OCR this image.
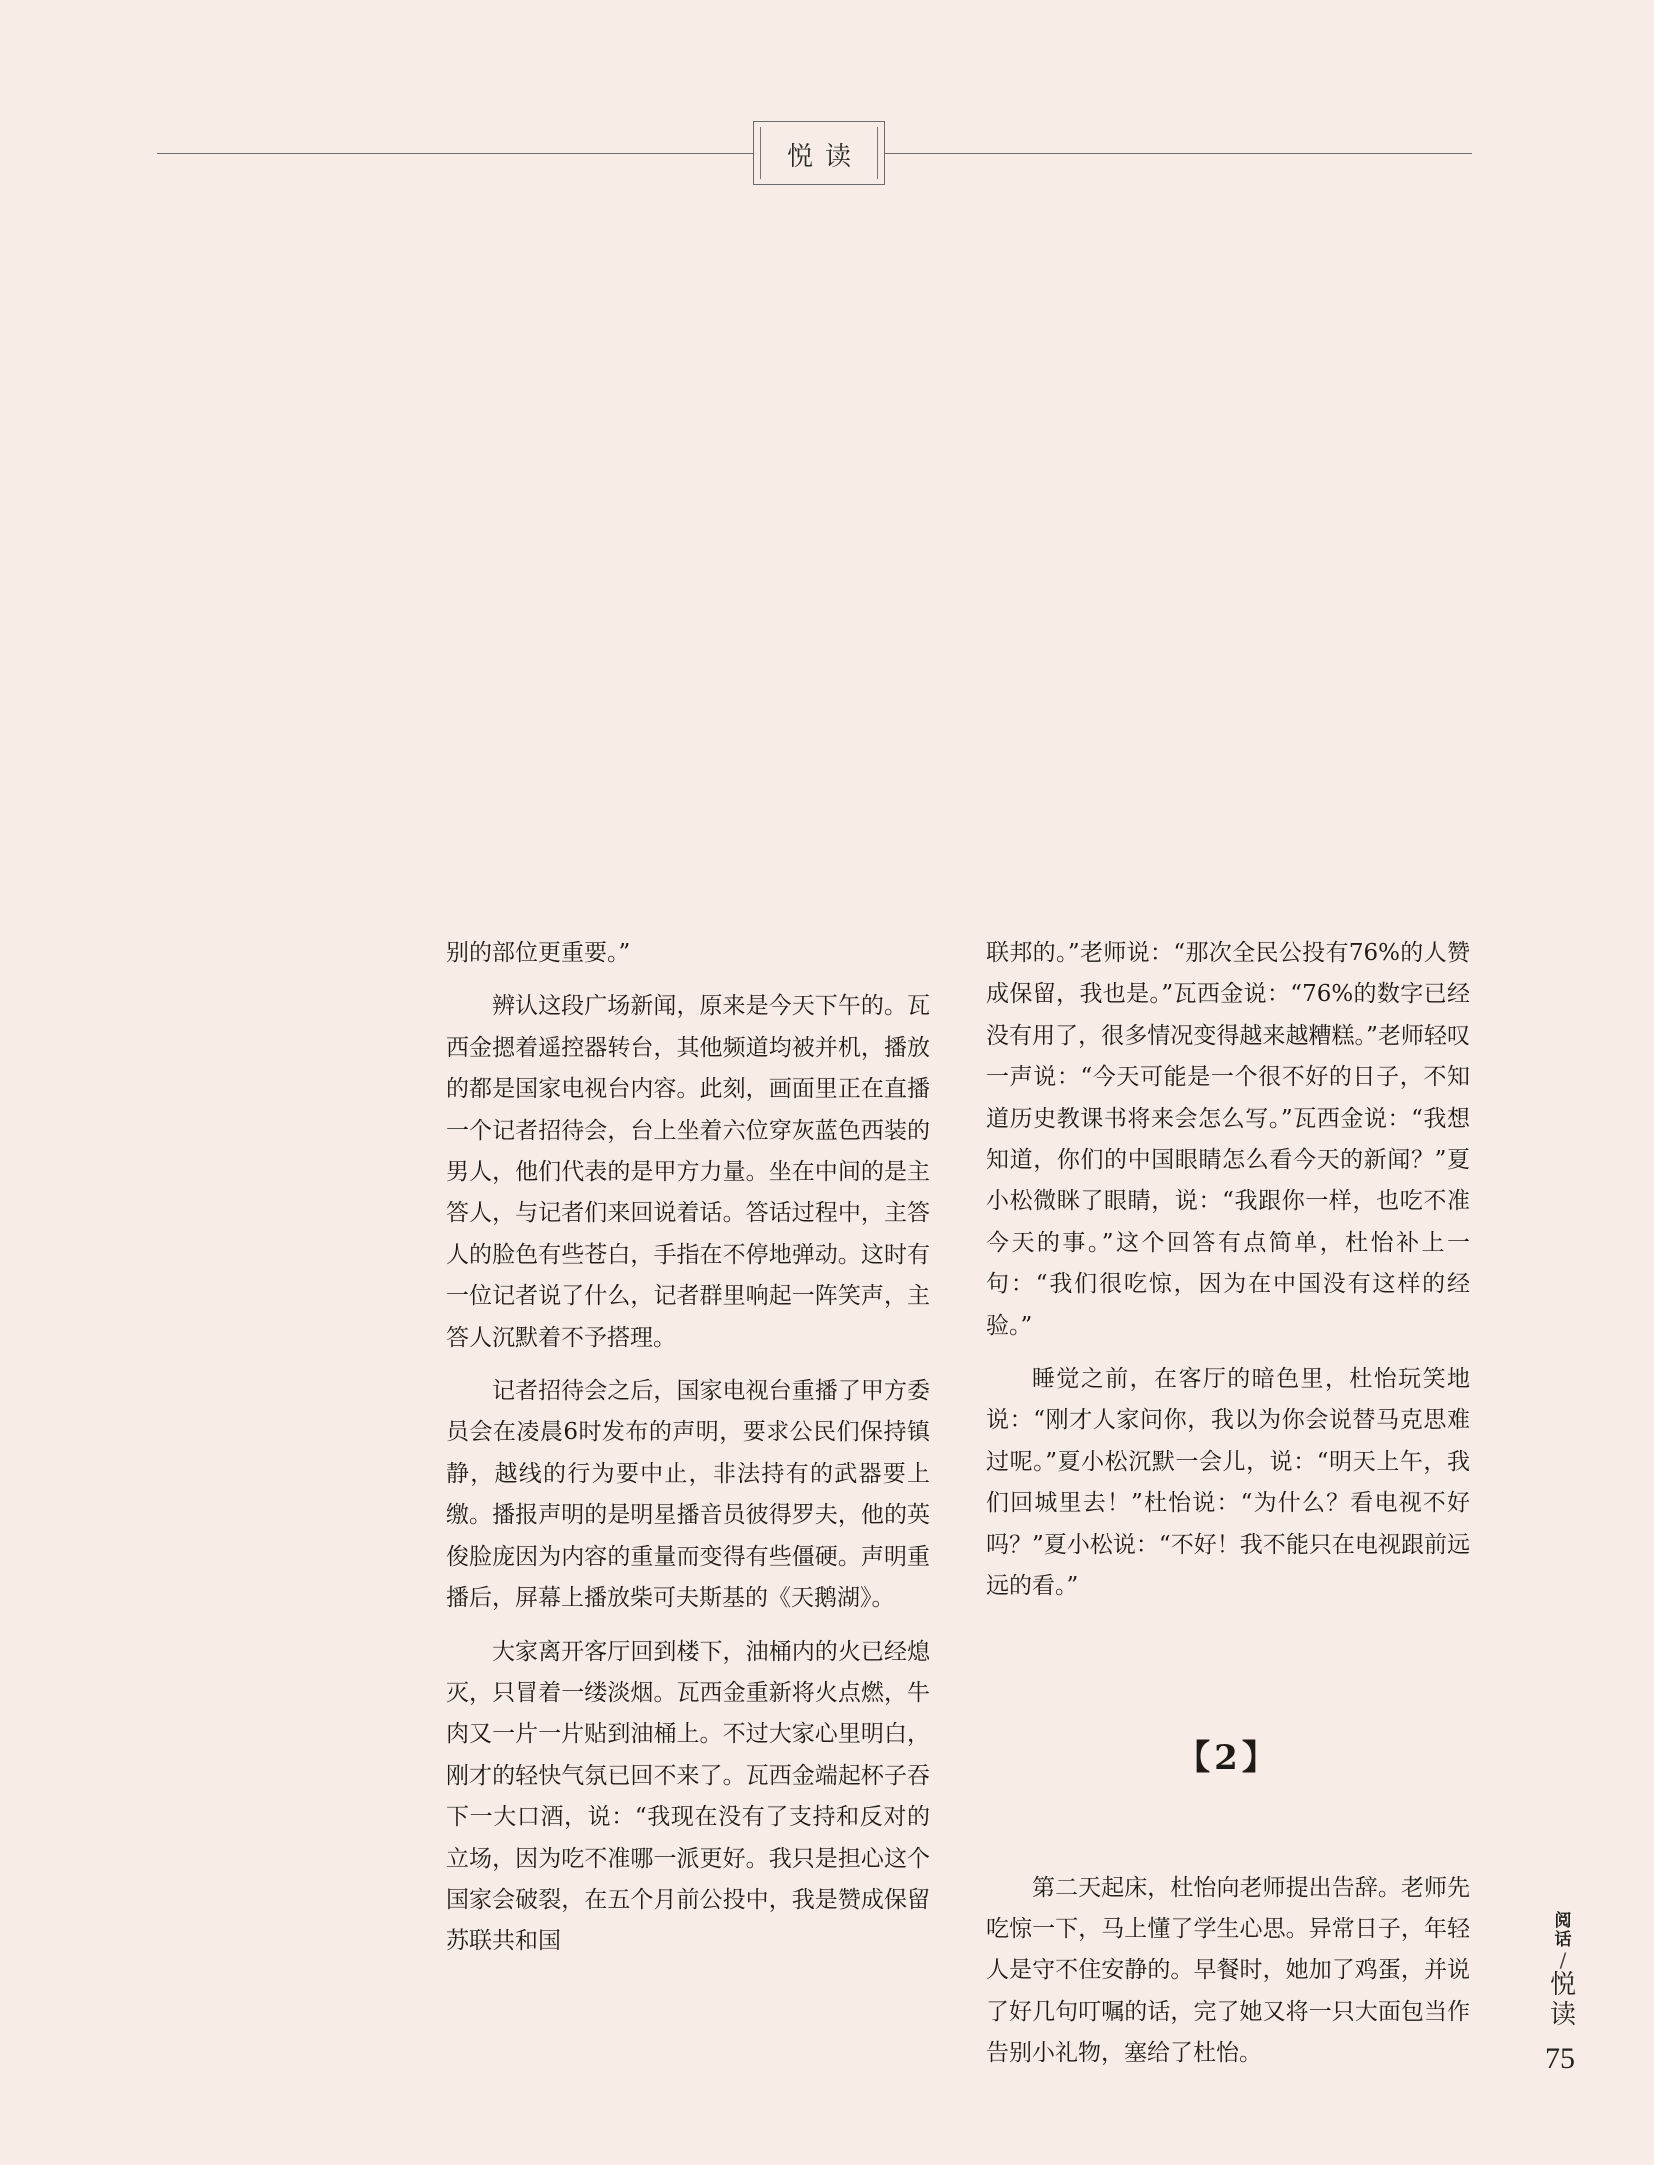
悦读

别的部位更重要。”

辨认这段广场新闻，原来是今天下午的。瓦西金摁着遥控器转台，其他频道均被并机，播放的都是国家电视台内容。此刻，画面里正在直播一个记者招待会，台上坐着六位穿灰蓝色西装的男人，他们代表的是甲方力量。坐在中间的是主答人，与记者们来回说着话。答话过程中，主答人的脸色有些苍白，手指在不停地弹动。这时有一位记者说了什么，记者群里响起一阵笑声，主答人沉默着不予搭理。

记者招待会之后，国家电视台重播了甲方委员会在凌晨6时发布的声明，要求公民们保持镇静，越线的行为要中止，非法持有的武器要上缴。播报声明的是明星播音员彼得罗夫，他的英俊脸庞因为内容的重量而变得有些僵硬。声明重播后，屏幕上播放柴可夫斯基的《天鹅湖》。

大家离开客厅回到楼下，油桶内的火已经熄灭，只冒着一缕淡烟。瓦西金重新将火点燃，牛肉又一片一片贴到油桶上。不过大家心里明白，刚才的轻快气氛已回不来了。瓦西金端起杯子吞下一大口酒，说：“我现在没有了支持和反对的立场，因为吃不准哪一派更好。我只是担心这个国家会破裂，在五个月前公投中，我是赞成保留苏联共和国

联邦的。”老师说：“那次全民公投有76%的人赞成保留，我也是。”瓦西金说：“76%的数字已经没有用了，很多情况变得越来越糟糕。”老师轻叹一声说：“今天可能是一个很不好的日子，不知道历史教课书将来会怎么写。”瓦西金说：“我想知道，你们的中国眼睛怎么看今天的新闻？”夏小松微眯了眼睛，说：“我跟你一样，也吃不准今天的事。”这个回答有点简单，杜怡补上一句：“我们很吃惊，因为在中国没有这样的经验。”

睡觉之前，在客厅的暗色里，杜怡玩笑地说：“刚才人家问你，我以为你会说替马克思难过呢。”夏小松沉默一会儿，说：“明天上午，我们回城里去！”杜怡说：“为什么？看电视不好吗？”夏小松说：“不好！我不能只在电视跟前远远的看。”

【2】

第二天起床，杜怡向老师提出告辞。老师先吃惊一下，马上懂了学生心思。异常日子，年轻人是守不住安静的。早餐时，她加了鸡蛋，并说了好几句叮嘱的话，完了她又将一只大面包当作告别小礼物，塞给了杜怡。

阅话
/
悦读
75
